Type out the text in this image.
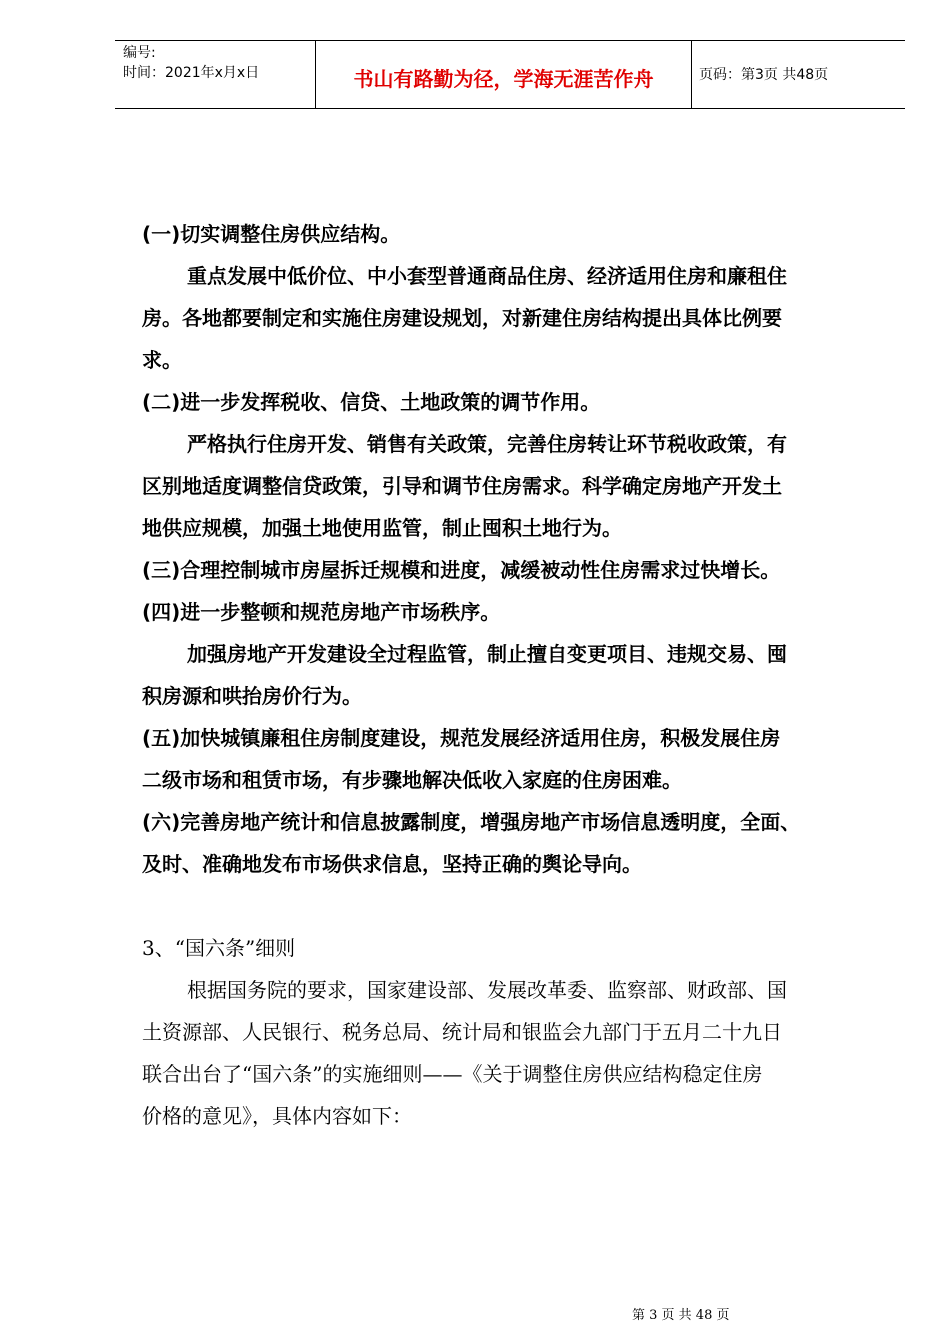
编号:
时间：2021年x月x日	书山有路勤为径，学海无涯苦作舟	页码：第3页 共48页
(一)切实调整住房供应结构。
重点发展中低价位、中小套型普通商品住房、经济适用住房和廉租住
房。各地都要制定和实施住房建设规划，对新建住房结构提出具体比例要
求。
(二)进一步发挥税收、信贷、土地政策的调节作用。
严格执行住房开发、销售有关政策，完善住房转让环节税收政策，有
区别地适度调整信贷政策，引导和调节住房需求。科学确定房地产开发土
地供应规模，加强土地使用监管，制止囤积土地行为。
(三)合理控制城市房屋拆迁规模和进度，减缓被动性住房需求过快增长。
(四)进一步整顿和规范房地产市场秩序。
加强房地产开发建设全过程监管，制止擅自变更项目、违规交易、囤
积房源和哄抬房价行为。
(五)加快城镇廉租住房制度建设，规范发展经济适用住房，积极发展住房
二级市场和租赁市场，有步骤地解决低收入家庭的住房困难。
(六)完善房地产统计和信息披露制度，增强房地产市场信息透明度，全面、
及时、准确地发布市场供求信息，坚持正确的舆论导向。
3、“国六条”细则
根据国务院的要求，国家建设部、发展改革委、监察部、财政部、国
土资源部、人民银行、税务总局、统计局和银监会九部门于五月二十九日
联合出台了“国六条”的实施细则——《关于调整住房供应结构稳定住房
价格的意见》，具体内容如下：
第 3 页 共 48 页
